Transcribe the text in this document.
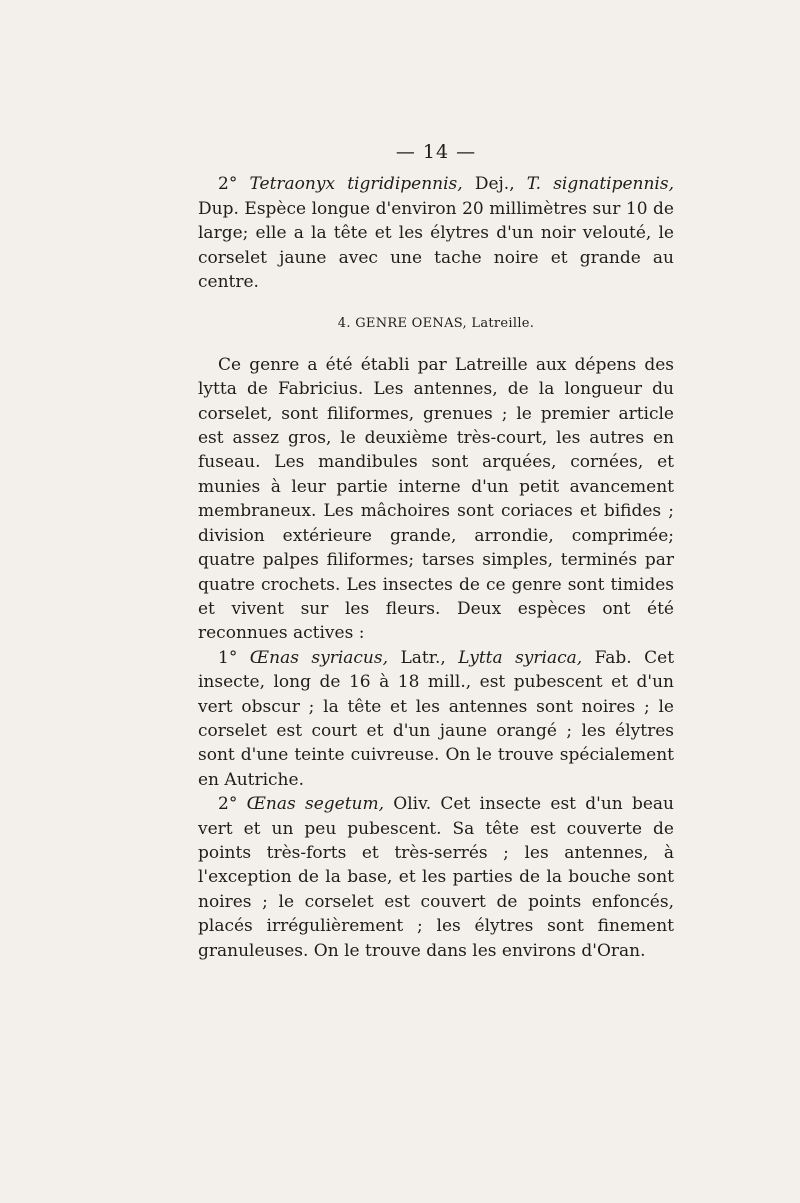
— 14 —

2° Tetraonyx tigridipennis, Dej., T. signatipennis, Dup. Espèce longue d'environ 20 millimètres sur 10 de large; elle a la tête et les élytres d'un noir velouté, le corselet jaune avec une tache noire et grande au centre.

4. GENRE OENAS, Latreille.

Ce genre a été établi par Latreille aux dépens des lytta de Fabricius. Les antennes, de la longueur du corselet, sont filiformes, grenues ; le premier article est assez gros, le deuxième très-court, les autres en fuseau. Les mandibules sont arquées, cornées, et munies à leur partie interne d'un petit avancement membraneux. Les mâchoires sont coriaces et bifides ; division extérieure grande, arrondie, comprimée; quatre palpes filiformes; tarses simples, terminés par quatre crochets. Les insectes de ce genre sont timides et vivent sur les fleurs. Deux espèces ont été reconnues actives :

1° Œnas syriacus, Latr., Lytta syriaca, Fab. Cet insecte, long de 16 à 18 mill., est pubescent et d'un vert obscur ; la tête et les antennes sont noires ; le corselet est court et d'un jaune orangé ; les élytres sont d'une teinte cuivreuse. On le trouve spécialement en Autriche.

2° Œnas segetum, Oliv. Cet insecte est d'un beau vert et un peu pubescent. Sa tête est couverte de points très-forts et très-serrés ; les antennes, à l'exception de la base, et les parties de la bouche sont noires ; le corselet est couvert de points enfoncés, placés irrégulièrement ; les élytres sont finement granuleuses. On le trouve dans les environs d'Oran.
